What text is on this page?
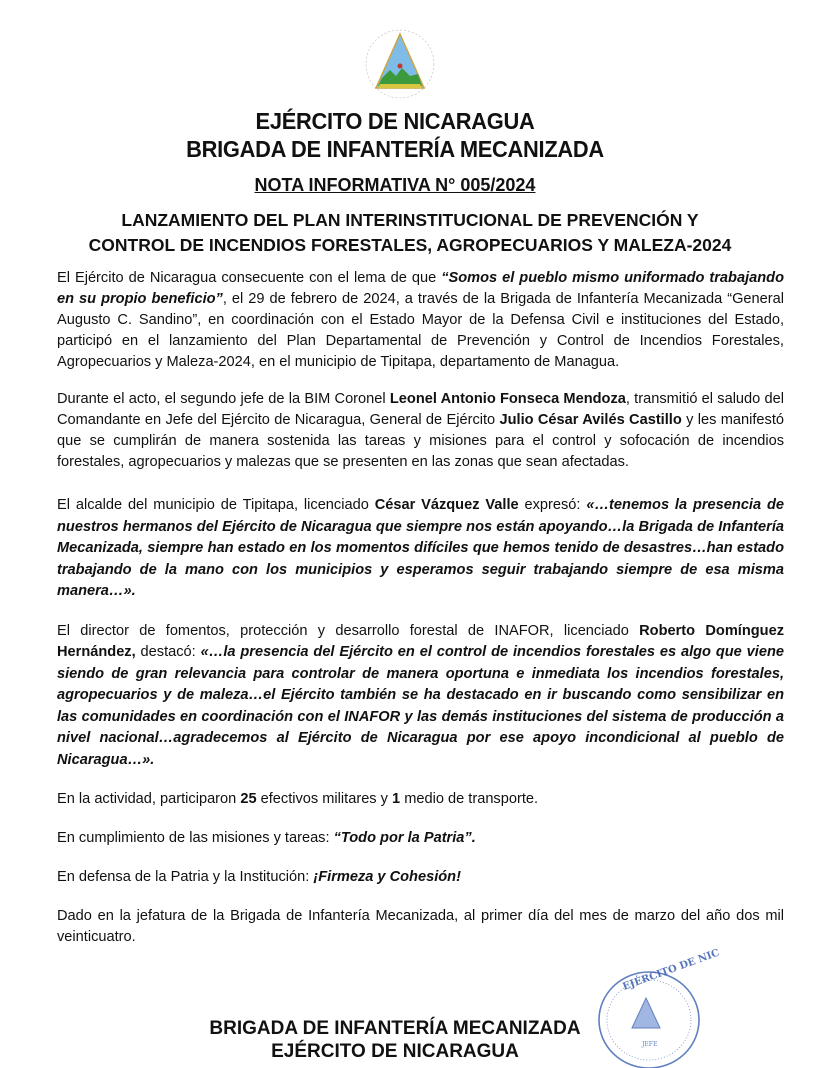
EJÉRCITO DE NICARAGUA
BRIGADA DE INFANTERÍA MECANIZADA
NOTA INFORMATIVA N° 005/2024
LANZAMIENTO DEL PLAN INTERINSTITUCIONAL DE PREVENCIÓN Y
CONTROL DE INCENDIOS FORESTALES, AGROPECUARIOS Y MALEZA-2024

El Ejército de Nicaragua consecuente con el lema de que “Somos el pueblo mismo uniformado trabajando en su propio beneficio”, el 29 de febrero de 2024, a través de la Brigada de Infantería Mecanizada “General Augusto C. Sandino”, en coordinación con el Estado Mayor de la Defensa Civil e instituciones del Estado, participó en el lanzamiento del Plan Departamental de Prevención y Control de Incendios Forestales, Agropecuarios y Maleza-2024, en el municipio de Tipitapa, departamento de Managua.

Durante el acto, el segundo jefe de la BIM Coronel Leonel Antonio Fonseca Mendoza, transmitió el saludo del Comandante en Jefe del Ejército de Nicaragua, General de Ejército Julio César Avilés Castillo y les manifestó que se cumplirán de manera sostenida las tareas y misiones para el control y sofocación de incendios forestales, agropecuarios y malezas que se presenten en las zonas que sean afectadas.

El alcalde del municipio de Tipitapa, licenciado César Vázquez Valle expresó: «…tenemos la presencia de nuestros hermanos del Ejército de Nicaragua que siempre nos están apoyando…la Brigada de Infantería Mecanizada, siempre han estado en los momentos difíciles que hemos tenido de desastres…han estado trabajando de la mano con los municipios y esperamos seguir trabajando siempre de esa misma manera…».

El director de fomentos, protección y desarrollo forestal de INAFOR, licenciado Roberto Domínguez Hernández, destacó: «…la presencia del Ejército en el control de incendios forestales es algo que viene siendo de gran relevancia para controlar de manera oportuna e inmediata los incendios forestales, agropecuarios y de maleza…el Ejército también se ha destacado en ir buscando como sensibilizar en las comunidades en coordinación con el INAFOR y las demás instituciones del sistema de producción a nivel nacional…agradecemos al Ejército de Nicaragua por ese apoyo incondicional al pueblo de Nicaragua…».

En la actividad, participaron 25 efectivos militares y 1 medio de transporte.

En cumplimiento de las misiones y tareas: “Todo por la Patria”.

En defensa de la Patria y la Institución: ¡Firmeza y Cohesión!

Dado en la jefatura de la Brigada de Infantería Mecanizada, al primer día del mes de marzo del año dos mil veinticuatro.

EJÉRCITO DE NIC
JEFE
BRIGADA DE INFANTERÍA MECANIZADA
EJÉRCITO DE NICARAGUA
